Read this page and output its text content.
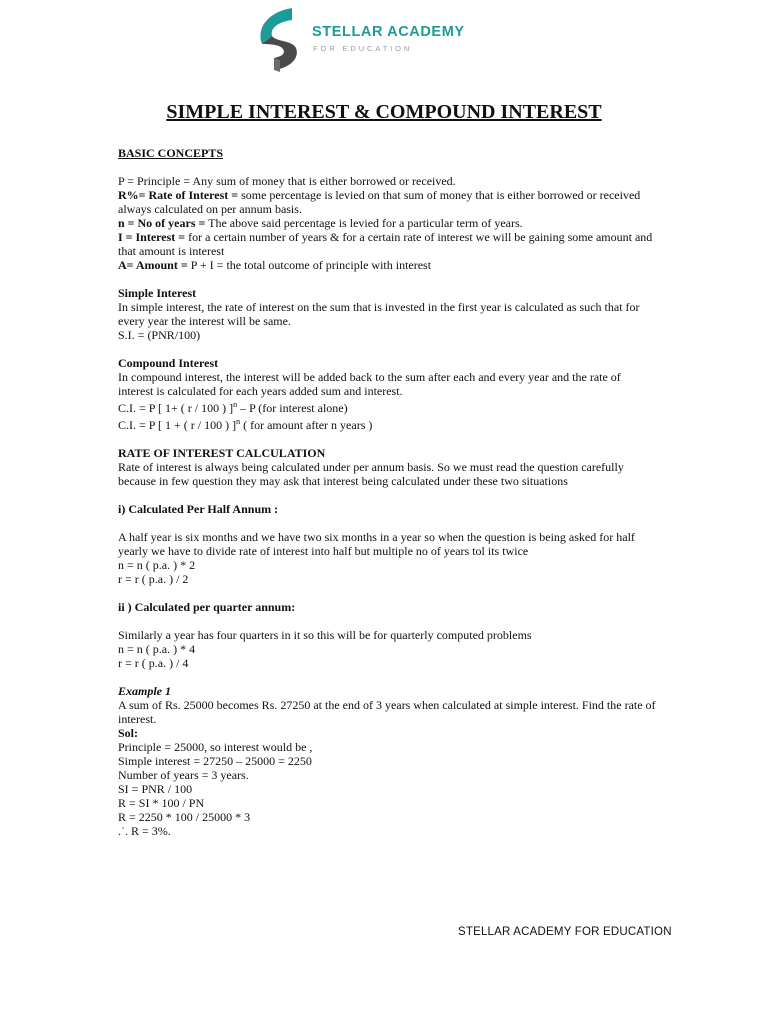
STELLAR ACADEMY
FOR EDUCATION
SIMPLE INTEREST & COMPOUND INTEREST

BASIC CONCEPTS

P = Principle = Any sum of money that is either borrowed or received.

R%= Rate of Interest = some percentage is levied on that sum of money that is either borrowed or received always calculated on per annum basis.

n = No of years = The above said percentage is levied for a particular term of years.

I = Interest = for a certain number of years & for a certain rate of interest we will be gaining some amount and that amount is interest

A= Amount = P + I = the total outcome of principle with interest

Simple Interest

In simple interest, the rate of interest on the sum that is invested in the first year is calculated as such that for every year the interest will be same.

S.I. = (PNR/100)

Compound Interest

In compound interest, the interest will be added back to the sum after each and every year and the rate of interest is calculated for each years added sum and interest.

C.I. = P [ 1+ ( r / 100 ) ]$^n$ – P (for interest alone)

C.I. = P [ 1 + ( r / 100 ) ]$^n$ ( for amount after n years )

RATE OF INTEREST CALCULATION

Rate of interest is always being calculated under per annum basis. So we must read the question carefully because in few question they may ask that interest being calculated under these two situations

i) Calculated Per Half Annum :

A half year is six months and we have two six months in a year so when the question is being asked for half yearly we have to divide rate of interest into half but multiple no of years tol its twice

n = n ( p.a. ) * 2

r = r ( p.a. ) / 2

ii ) Calculated per quarter annum:

Similarly a year has four quarters in it so this will be for quarterly computed problems

n = n ( p.a. ) * 4

r = r ( p.a. ) / 4

Example 1

A sum of Rs. 25000 becomes Rs. 27250 at the end of 3 years when calculated at simple interest. Find the rate of interest.

Sol:

Principle = 25000, so interest would be ,

Simple interest = 27250 – 25000 = 2250

Number of years = 3 years.

SI = PNR / 100

R = SI * 100 / PN

R = 2250 * 100 / 25000 * 3

.˙. R = 3%.

STELLAR ACADEMY FOR EDUCATION
